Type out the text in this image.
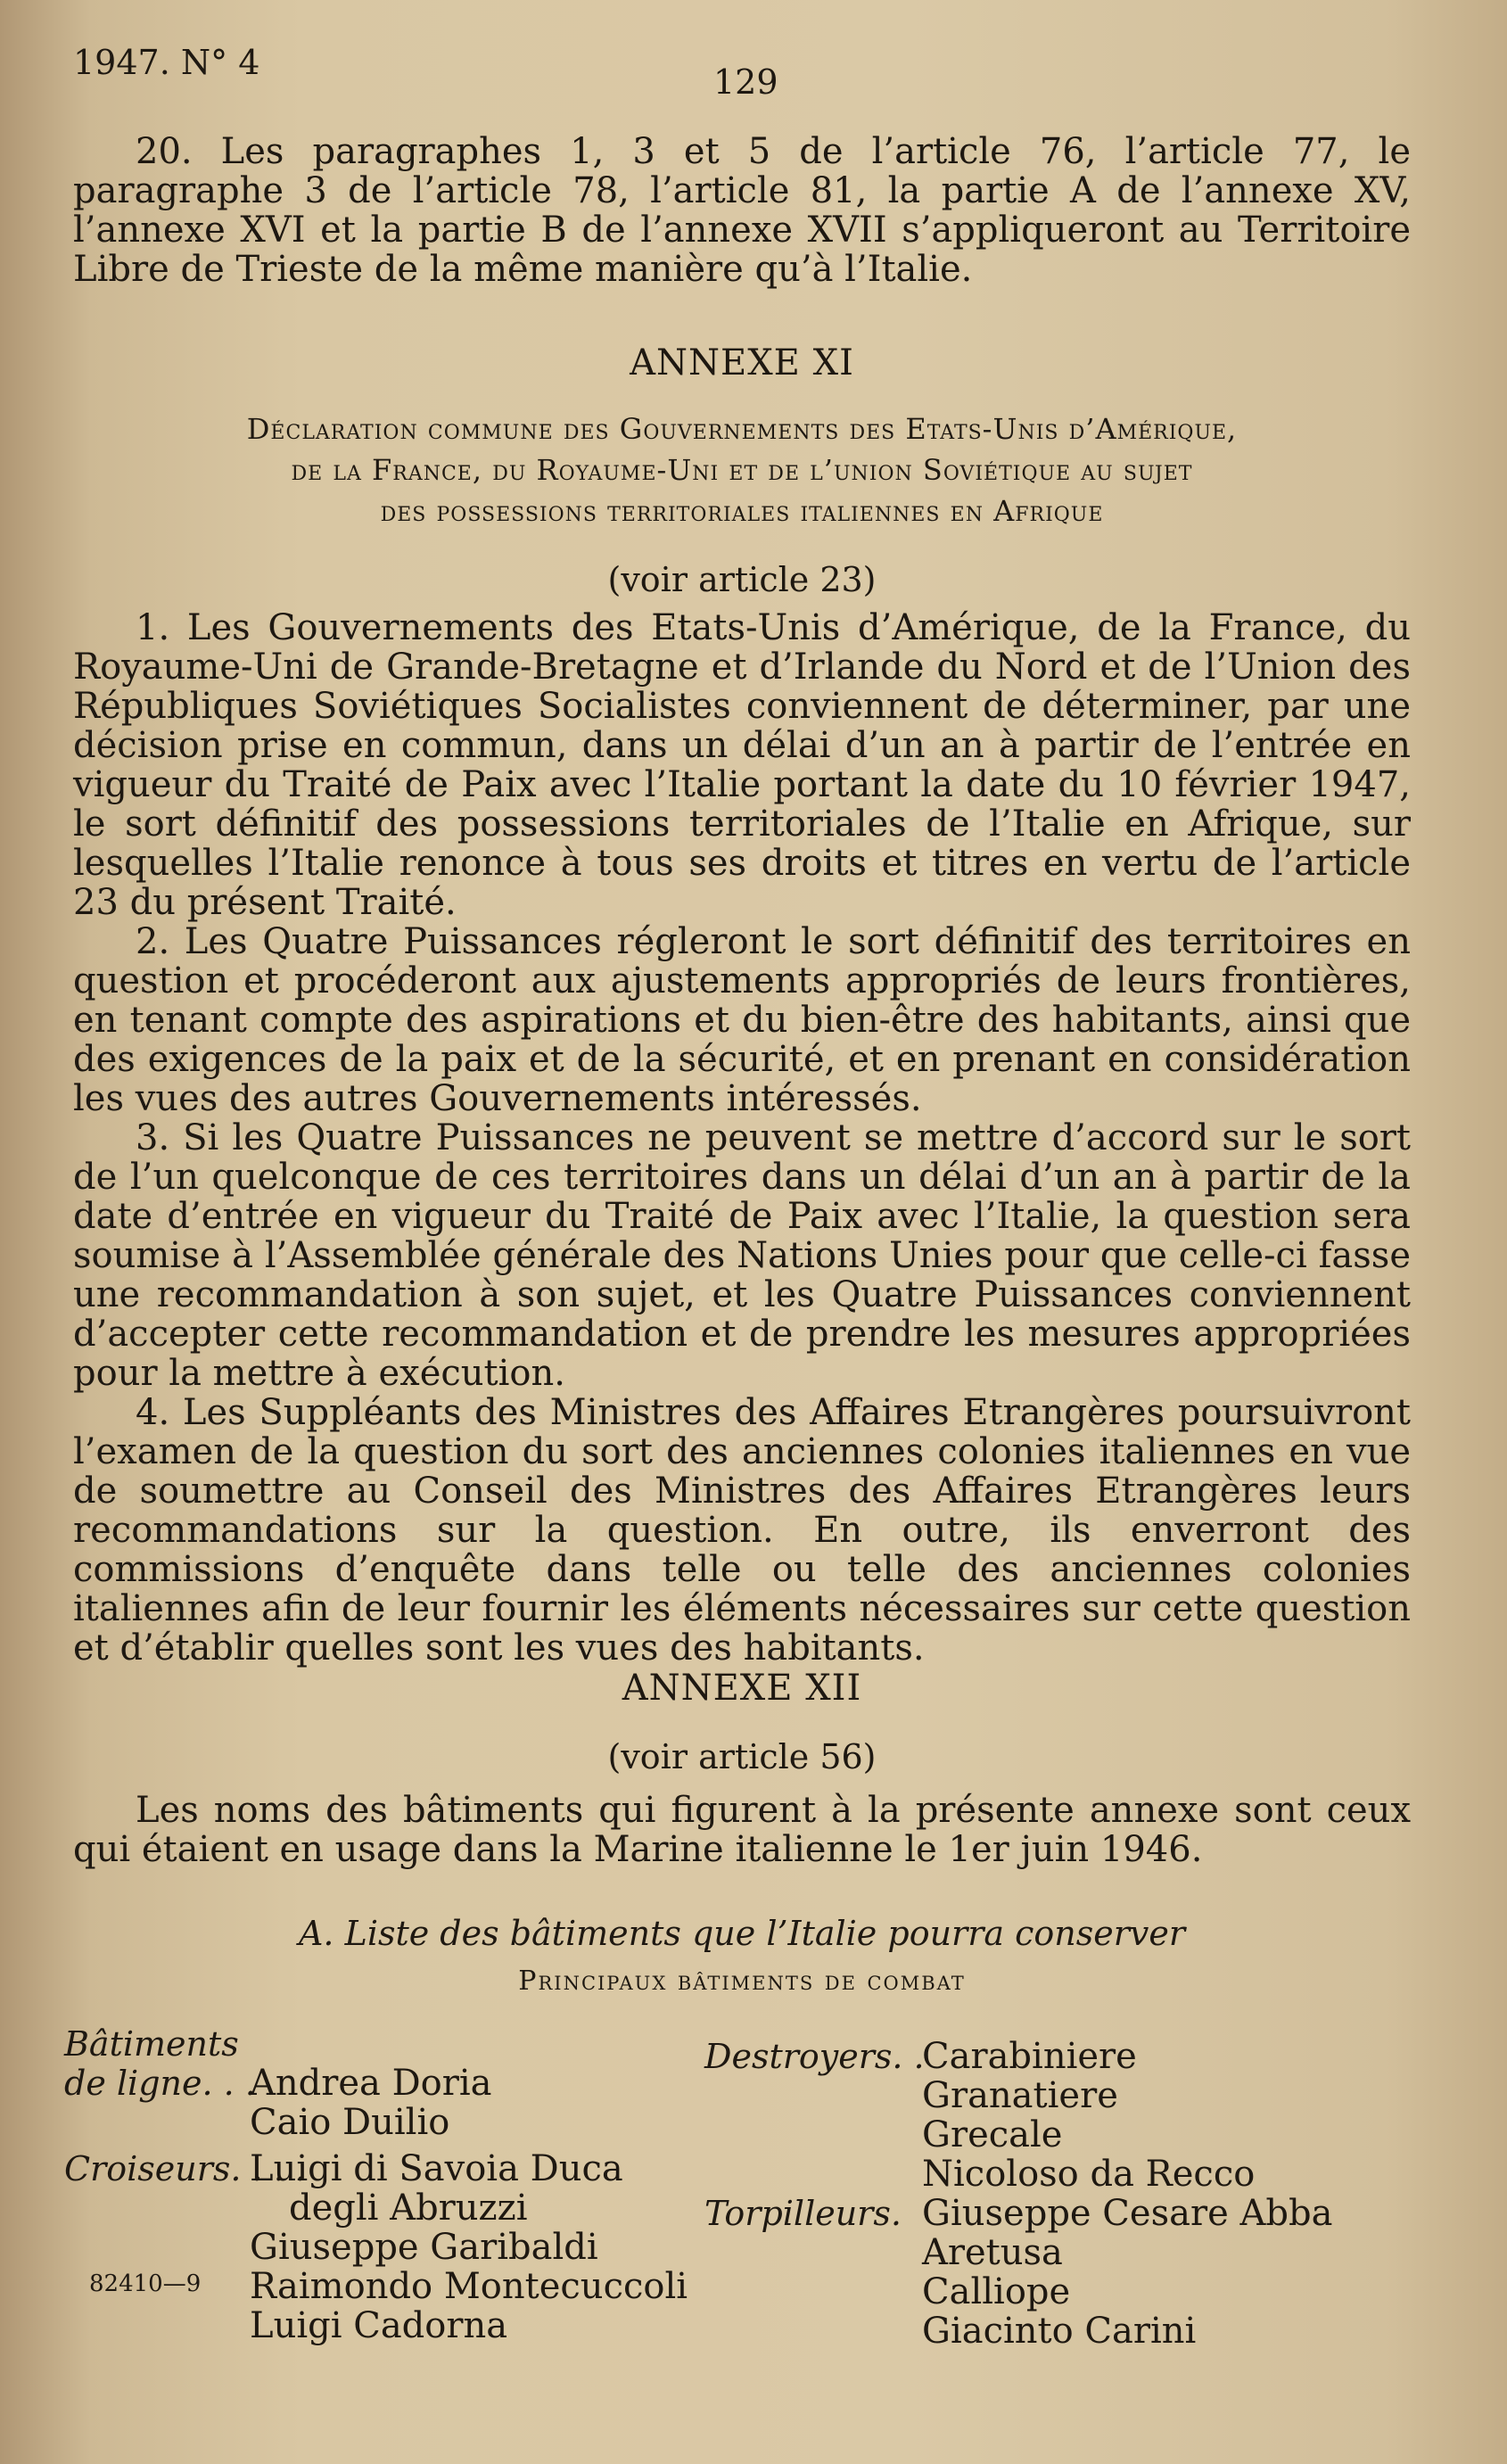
1947. N° 4	129

20. Les paragraphes 1, 3 et 5 de l’article 76, l’article 77, le paragraphe 3 de l’article 78, l’article 81, la partie A de l’annexe XV, l’annexe XVI et la partie B de l’annexe XVII s’appliqueront au Territoire Libre de Trieste de la même manière qu’à l’Italie.

ANNEXE XI
Déclaration commune des Gouvernements des Etats-Unis d’Amérique,
de la France, du Royaume-Uni et de l’union Soviétique au sujet
des possessions territoriales italiennes en Afrique
(voir article 23)

1. Les Gouvernements des Etats-Unis d’Amérique, de la France, du Royaume-Uni de Grande-Bretagne et d’Irlande du Nord et de l’Union des Républiques Soviétiques Socialistes conviennent de déterminer, par une décision prise en commun, dans un délai d’un an à partir de l’entrée en vigueur du Traité de Paix avec l’Italie portant la date du 10 février 1947, le sort définitif des possessions territoriales de l’Italie en Afrique, sur lesquelles l’Italie renonce à tous ses droits et titres en vertu de l’article 23 du présent Traité.

2. Les Quatre Puissances régleront le sort définitif des territoires en question et procéderont aux ajustements appropriés de leurs frontières, en tenant compte des aspirations et du bien-être des habitants, ainsi que des exigences de la paix et de la sécurité, et en prenant en considération les vues des autres Gouvernements intéressés.

3. Si les Quatre Puissances ne peuvent se mettre d’accord sur le sort de l’un quelconque de ces territoires dans un délai d’un an à partir de la date d’entrée en vigueur du Traité de Paix avec l’Italie, la question sera soumise à l’Assemblée générale des Nations Unies pour que celle-ci fasse une recommandation à son sujet, et les Quatre Puissances conviennent d’accepter cette recommandation et de prendre les mesures appropriées pour la mettre à exécution.

4. Les Suppléants des Ministres des Affaires Etrangères poursuivront l’examen de la question du sort des anciennes colonies italiennes en vue de soumettre au Conseil des Ministres des Affaires Etrangères leurs recommandations sur la question. En outre, ils enverront des commissions d’enquête dans telle ou telle des anciennes colonies italiennes afin de leur fournir les éléments nécessaires sur cette question et d’établir quelles sont les vues des habitants.

ANNEXE XII
(voir article 56)

Les noms des bâtiments qui figurent à la présente annexe sont ceux qui étaient en usage dans la Marine italienne le 1er juin 1946.

A. Liste des bâtiments que l’Italie pourra conserver
Principaux bâtiments de combat
Bâtiments
de ligne. . .
Croiseurs. . . .
Andrea Doria
Caio Duilio
Luigi di Savoia Duca
degli Abruzzi
Giuseppe Garibaldi
Raimondo Montecuccoli
Luigi Cadorna
Destroyers. .
Carabiniere
Granatiere
Grecale
Nicoloso da Recco
Torpilleurs. Giuseppe Cesare Abba
Aretusa
Calliope
Giacinto Carini
82410—9
